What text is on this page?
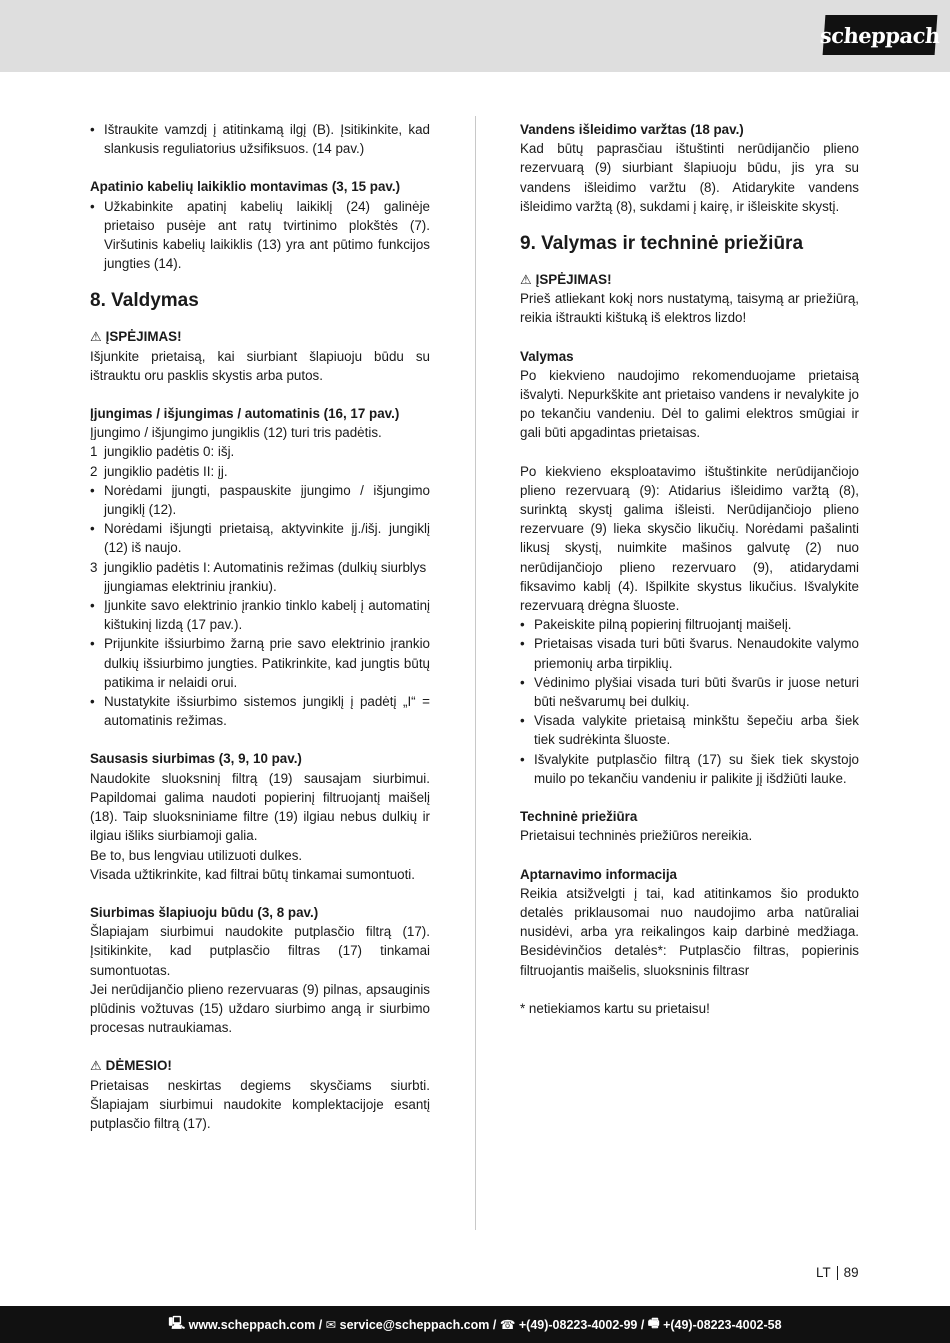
scheppach
• Ištraukite vamzdį į atitinkamą ilgį (B). Įsitikinkite, kad slankusis reguliatorius užsifiksuos. (14 pav.)
Apatinio kabelių laikiklio montavimas (3, 15 pav.)
• Užkabinkite apatinį kabelių laikiklį (24) galinėje prietaiso pusėje ant ratų tvirtinimo plokštės (7). Viršutinis kabelių laikiklis (13) yra ant pūtimo funkcijos jungties (14).
8. Valdymas
⚠ ĮSPĖJIMAS!

Išjunkite prietaisą, kai siurbiant šlapiuoju būdu su ištrauktu oru pasklis skystis arba putos.

Įjungimas / išjungimas / automatinis (16, 17 pav.)

Įjungimo / išjungimo jungiklis (12) turi tris padėtis.

1 jungiklio padėtis 0: išj.
2 jungiklio padėtis II: įj.
• Norėdami įjungti, paspauskite įjungimo / išjungimo jungiklį (12).
• Norėdami išjungti prietaisą, aktyvinkite įj./išj. jungiklį (12) iš naujo.
3 jungiklio padėtis I: Automatinis režimas (dulkių siurblys įjungiamas elektriniu įrankiu).
• Įjunkite savo elektrinio įrankio tinklo kabelį į automatinį kištukinį lizdą (17 pav.).
• Prijunkite išsiurbimo žarną prie savo elektrinio įrankio dulkių išsiurbimo jungties. Patikrinkite, kad jungtis būtų patikima ir nelaidi orui.
• Nustatykite išsiurbimo sistemos jungiklį į padėtį „I“ = automatinis režimas.
Sausasis siurbimas (3, 9, 10 pav.)

Naudokite sluoksninį filtrą (19) sausajam siurbimui. Papildomai galima naudoti popierinį filtruojantį maišelį (18). Taip sluoksniniame filtre (19) ilgiau nebus dulkių ir ilgiau išliks siurbiamoji galia.

Be to, bus lengviau utilizuoti dulkes.

Visada užtikrinkite, kad filtrai būtų tinkamai sumontuoti.

Siurbimas šlapiuoju būdu (3, 8 pav.)

Šlapiajam siurbimui naudokite putplasčio filtrą (17). Įsitikinkite, kad putplasčio filtras (17) tinkamai sumontuotas.

Jei nerūdijančio plieno rezervuaras (9) pilnas, apsauginis plūdinis vožtuvas (15) uždaro siurbimo angą ir siurbimo procesas nutraukiamas.

⚠ DĖMESIO!

Prietaisas neskirtas degiems skysčiams siurbti. Šlapiajam siurbimui naudokite komplektacijoje esantį putplasčio filtrą (17).

Vandens išleidimo varžtas (18 pav.)

Kad būtų paprasčiau ištuštinti nerūdijančio plieno rezervuarą (9) siurbiant šlapiuoju būdu, jis yra su vandens išleidimo varžtu (8). Atidarykite vandens išleidimo varžtą (8), sukdami į kairę, ir išleiskite skystį.

9. Valymas ir techninė priežiūra
⚠ ĮSPĖJIMAS!

Prieš atliekant kokį nors nustatymą, taisymą ar priežiūrą, reikia ištraukti kištuką iš elektros lizdo!

Valymas

Po kiekvieno naudojimo rekomenduojame prietaisą išvalyti. Nepurkškite ant prietaiso vandens ir nevalykite jo po tekančiu vandeniu. Dėl to galimi elektros smūgiai ir gali būti apgadintas prietaisas.

Po kiekvieno eksploatavimo ištuštinkite nerūdijančiojo plieno rezervuarą (9): Atidarius išleidimo varžtą (8), surinktą skystį galima išleisti. Nerūdijančiojo plieno rezervuare (9) lieka skysčio likučių. Norėdami pašalinti likusį skystį, nuimkite mašinos galvutę (2) nuo nerūdijančiojo plieno rezervuaro (9), atidarydami fiksavimo kablį (4). Išpilkite skystus likučius. Išvalykite rezervuarą drėgna šluoste.

• Pakeiskite pilną popierinį filtruojantį maišelį.
• Prietaisas visada turi būti švarus. Nenaudokite valymo priemonių arba tirpiklių.
• Vėdinimo plyšiai visada turi būti švarūs ir juose neturi būti nešvarumų bei dulkių.
• Visada valykite prietaisą minkštu šepečiu arba šiek tiek sudrėkinta šluoste.
• Išvalykite putplasčio filtrą (17) su šiek tiek skystojo muilo po tekančiu vandeniu ir palikite jį išdžiūti lauke.
Techninė priežiūra

Prietaisui techninės priežiūros nereikia.

Aptarnavimo informacija

Reikia atsižvelgti į tai, kad atitinkamos šio produkto detalės priklausomai nuo naudojimo arba natūraliai nusidėvi, arba yra reikalingos kaip darbinė medžiaga. Besidėvinčios detalės*: Putplasčio filtras, popierinis filtruojantis maišelis, sluoksninis filtrasr

* netiekiamos kartu su prietaisu!

LT 89
🖳 www.scheppach.com / ✉ service@scheppach.com / ☎ +(49)-08223-4002-99 / 🖷 +(49)-08223-4002-58
